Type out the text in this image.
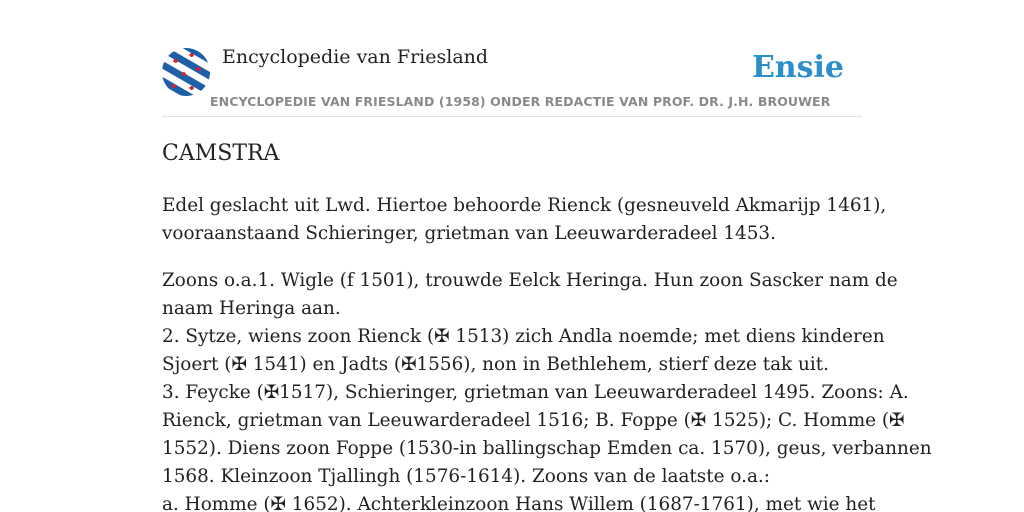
Encyclopedie van Friesland	Ensie
ENCYCLOPEDIE VAN FRIESLAND (1958) ONDER REDACTIE VAN PROF. DR. J.H. BROUWER
CAMSTRA

Edel geslacht uit Lwd. Hiertoe behoorde Rienck (gesneuveld Akmarijp 1461),
vooraanstaand Schieringer, grietman van Leeuwarderadeel 1453.

Zoons o.a.1. Wigle (f 1501), trouwde Eelck Heringa. Hun zoon Sascker nam de
naam Heringa aan.
2. Sytze, wiens zoon Rienck (✠ 1513) zich Andla noemde; met diens kinderen
Sjoert (✠ 1541) en Jadts (✠1556), non in Bethlehem, stierf deze tak uit.
3. Feycke (✠1517), Schieringer, grietman van Leeuwarderadeel 1495. Zoons: A.
Rienck, grietman van Leeuwarderadeel 1516; B. Foppe (✠ 1525); C. Homme (✠
1552). Diens zoon Foppe (1530-in ballingschap Emden ca. 1570), geus, verbannen
1568. Kleinzoon Tjallingh (1576-1614). Zoons van de laatste o.a.:
a. Homme (✠ 1652). Achterkleinzoon Hans Willem (1687-1761), met wie het
